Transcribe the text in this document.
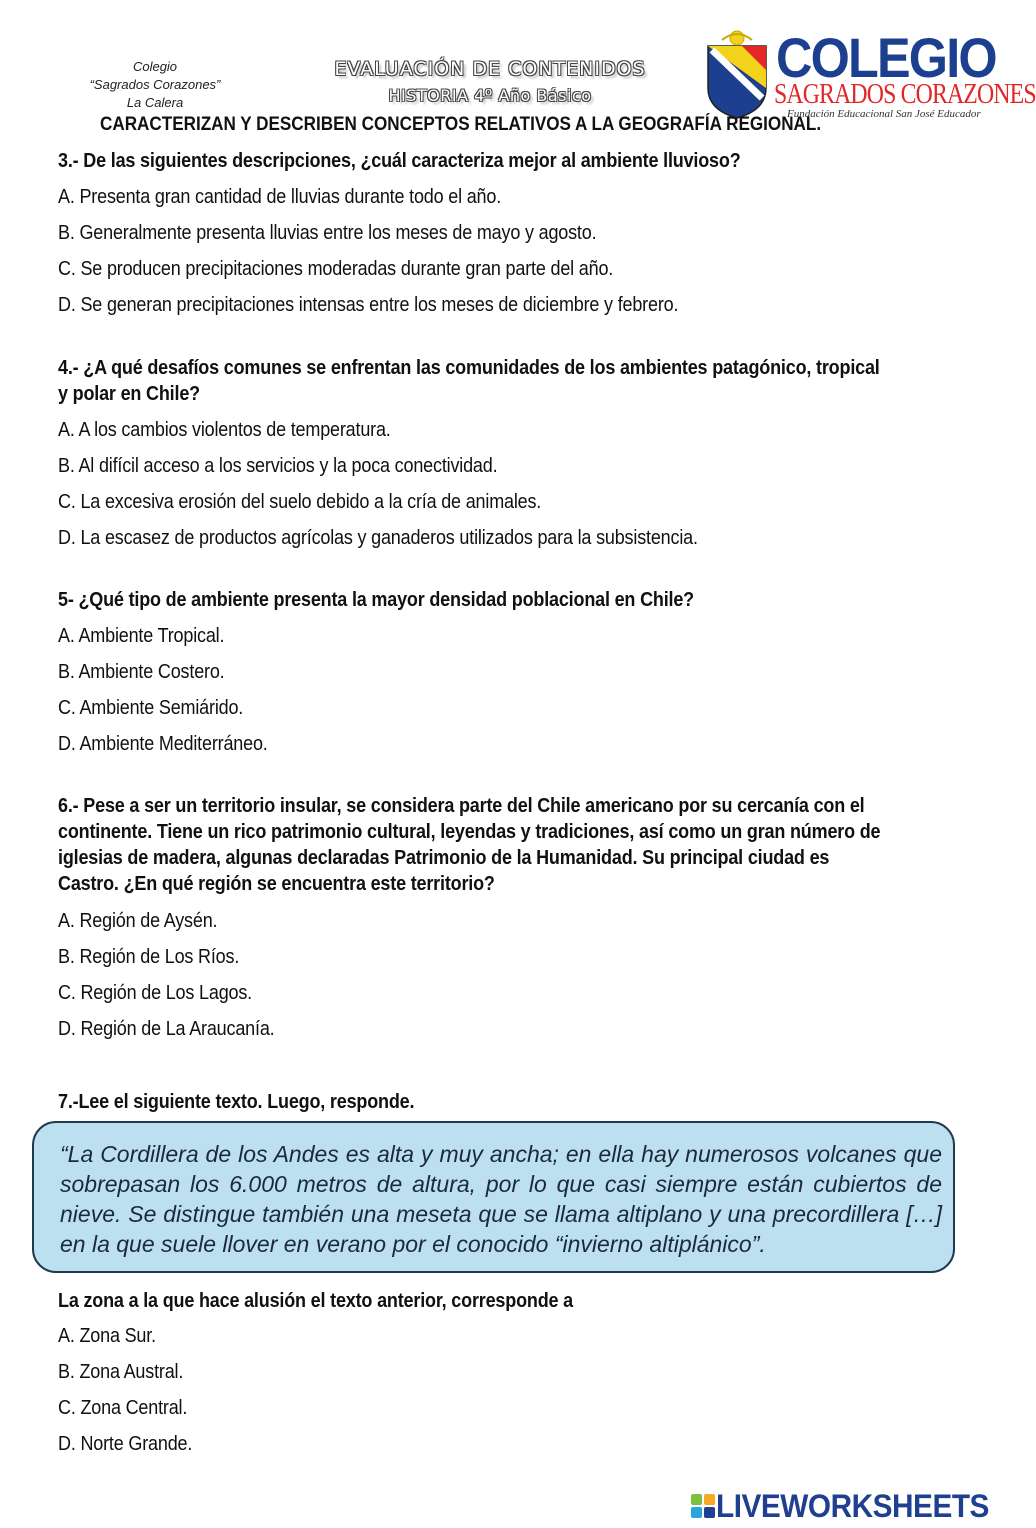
Colegio
“Sagrados Corazones”
La Calera
EVALUACIÓN DE CONTENIDOS
HISTORIA 4º Año Básico
COLEGIO
SAGRADOS CORAZONES
Fundación Educacional San José Educador
CARACTERIZAN Y DESCRIBEN CONCEPTOS RELATIVOS A LA GEOGRAFÍA REGIONAL.
3.- De las siguientes descripciones, ¿cuál caracteriza mejor al ambiente lluvioso?
A. Presenta gran cantidad de lluvias durante todo el año.
B. Generalmente presenta lluvias entre los meses de mayo y agosto.
C. Se producen precipitaciones moderadas durante gran parte del año.
D. Se generan precipitaciones intensas entre los meses de diciembre y febrero.
4.- ¿A qué desafíos comunes se enfrentan las comunidades de los ambientes patagónico, tropical
y polar en Chile?
A. A los cambios violentos de temperatura.
B. Al difícil acceso a los servicios y la poca conectividad.
C. La excesiva erosión del suelo debido a la cría de animales.
D. La escasez de productos agrícolas y ganaderos utilizados para la subsistencia.
5- ¿Qué tipo de ambiente presenta la mayor densidad poblacional en Chile?
A. Ambiente Tropical.
B. Ambiente Costero.
C. Ambiente Semiárido.
D. Ambiente Mediterráneo.
6.- Pese a ser un territorio insular, se considera parte del Chile americano por su cercanía con el
continente. Tiene un rico patrimonio cultural, leyendas y tradiciones, así como un gran número de
iglesias de madera, algunas declaradas Patrimonio de la Humanidad. Su principal ciudad es
Castro. ¿En qué región se encuentra este territorio?
A. Región de Aysén.
B. Región de Los Ríos.
C. Región de Los Lagos.
D. Región de La Araucanía.
7.-Lee el siguiente texto. Luego, responde.
“La Cordillera de los Andes es alta y muy ancha; en ella hay numerosos volcanes que sobrepasan los 6.000 metros de altura, por lo que casi siempre están cubiertos de nieve. Se distingue también una meseta que se llama altiplano y una precordillera […] en la que suele llover en verano por el conocido “invierno altiplánico”.
La zona a la que hace alusión el texto anterior, corresponde a
A. Zona Sur.
B. Zona Austral.
C. Zona Central.
D. Norte Grande.
LIVEWORKSHEETS
